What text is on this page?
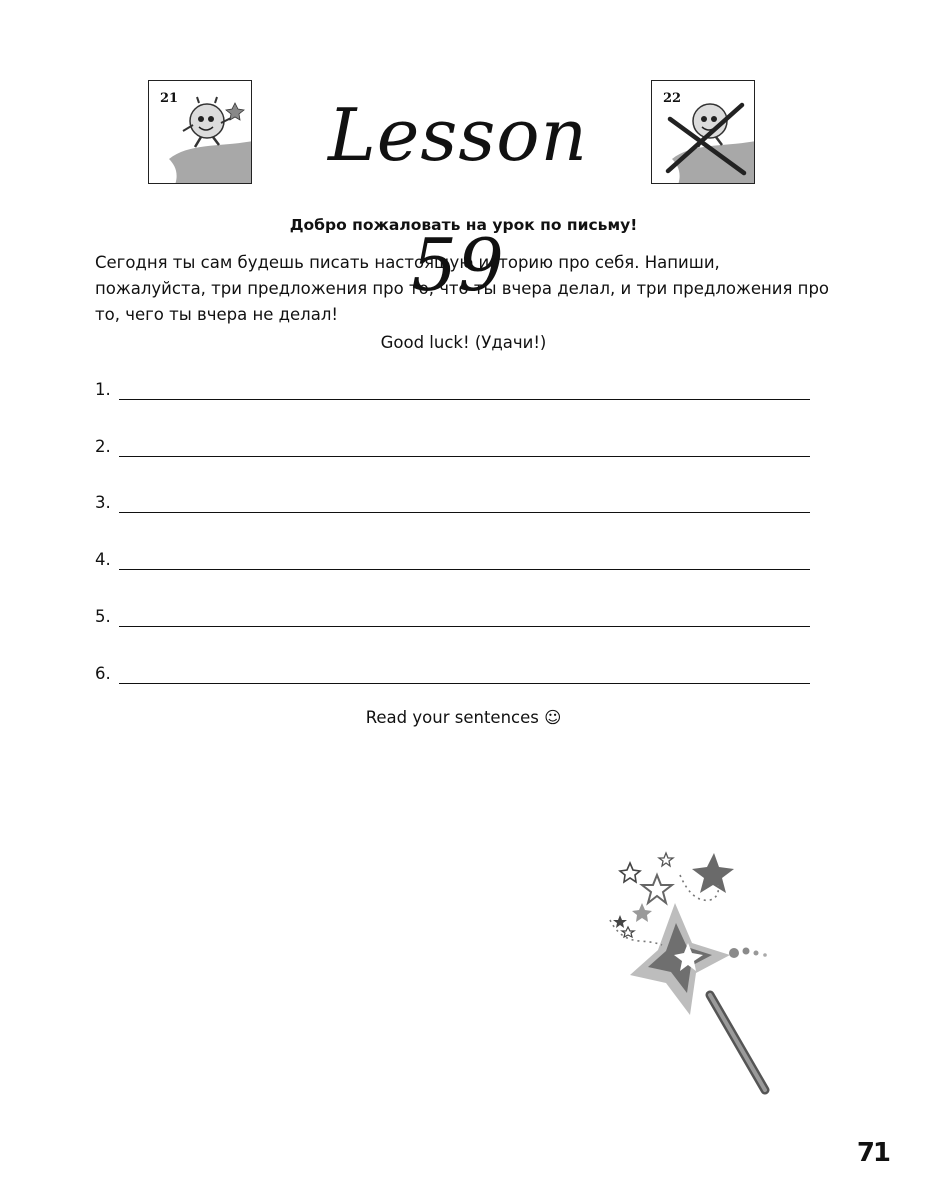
21 Lesson 59
22
Добро пожаловать на урок по письму!
Сегодня ты сам будешь писать настоящую историю про себя. Напиши, пожалуйста, три предложения про то, что ты вчера делал, и три предложения про то, чего ты вчера не делал!
Good luck! (Удачи!)
1.
2.
3.
4.
5.
6.
Read your sentences ☺
71
